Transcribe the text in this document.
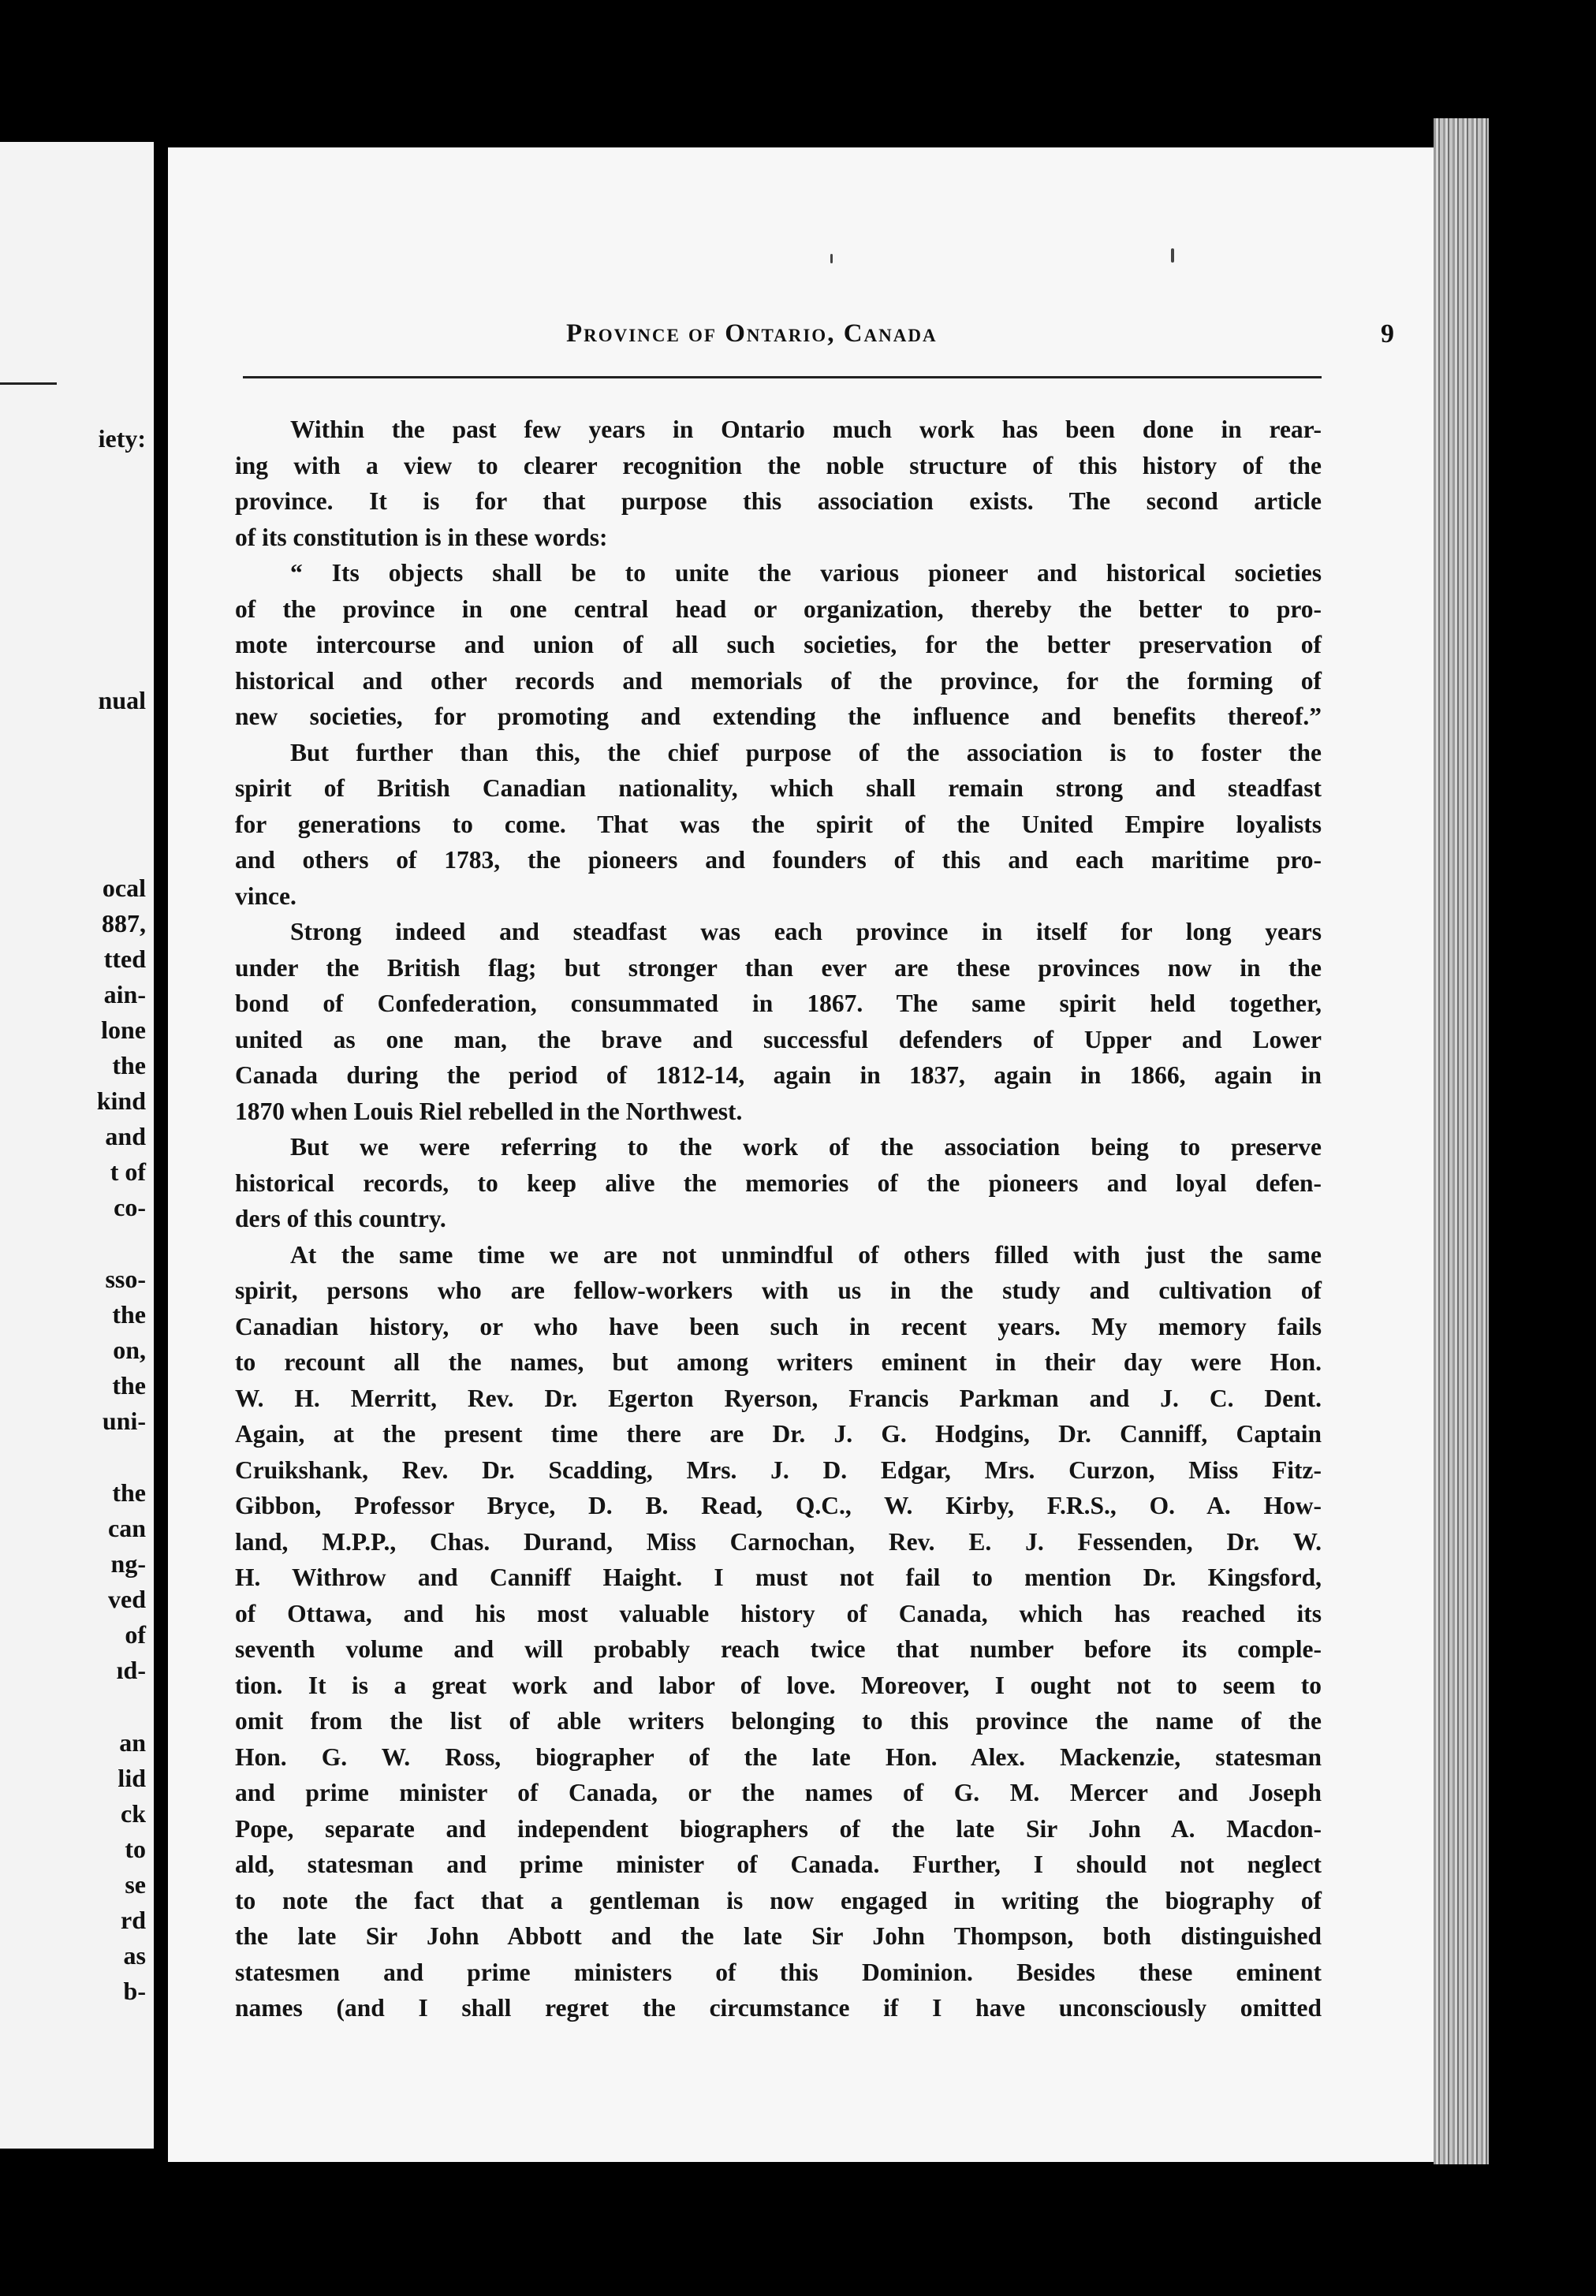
iety:
nual
ocal
887,
tted
ain-
lone
the
kind
and
t of
co-
sso-
the
on,
the
uni-
the
can
ng-
ved
of
ıd-
an
lid
ck
to
se
rd
as
b-
Province of Ontario, Canada	9
Within the past few years in Ontario much work has been done in rear-
ing with a view to clearer recognition the noble structure of this history of the
province. It is for that purpose this association exists. The second article
of its constitution is in these words:
“ Its objects shall be to unite the various pioneer and historical societies
of the province in one central head or organization, thereby the better to pro-
mote intercourse and union of all such societies, for the better preservation of
historical and other records and memorials of the province, for the forming of
new societies, for promoting and extending the influence and benefits thereof.”
But further than this, the chief purpose of the association is to foster the
spirit of British Canadian nationality, which shall remain strong and steadfast
for generations to come. That was the spirit of the United Empire loyalists
and others of 1783, the pioneers and founders of this and each maritime pro-
vince.
Strong indeed and steadfast was each province in itself for long years
under the British flag; but stronger than ever are these provinces now in the
bond of Confederation, consummated in 1867. The same spirit held together,
united as one man, the brave and successful defenders of Upper and Lower
Canada during the period of 1812-14, again in 1837, again in 1866, again in
1870 when Louis Riel rebelled in the Northwest.
But we were referring to the work of the association being to preserve
historical records, to keep alive the memories of the pioneers and loyal defen-
ders of this country.
At the same time we are not unmindful of others filled with just the same
spirit, persons who are fellow-workers with us in the study and cultivation of
Canadian history, or who have been such in recent years. My memory fails
to recount all the names, but among writers eminent in their day were Hon.
W. H. Merritt, Rev. Dr. Egerton Ryerson, Francis Parkman and J. C. Dent.
Again, at the present time there are Dr. J. G. Hodgins, Dr. Canniff, Captain
Cruikshank, Rev. Dr. Scadding, Mrs. J. D. Edgar, Mrs. Curzon, Miss Fitz-
Gibbon, Professor Bryce, D. B. Read, Q.C., W. Kirby, F.R.S., O. A. How-
land, M.P.P., Chas. Durand, Miss Carnochan, Rev. E. J. Fessenden, Dr. W.
H. Withrow and Canniff Haight. I must not fail to mention Dr. Kingsford,
of Ottawa, and his most valuable history of Canada, which has reached its
seventh volume and will probably reach twice that number before its comple-
tion. It is a great work and labor of love. Moreover, I ought not to seem to
omit from the list of able writers belonging to this province the name of the
Hon. G. W. Ross, biographer of the late Hon. Alex. Mackenzie, statesman
and prime minister of Canada, or the names of G. M. Mercer and Joseph
Pope, separate and independent biographers of the late Sir John A. Macdon-
ald, statesman and prime minister of Canada. Further, I should not neglect
to note the fact that a gentleman is now engaged in writing the biography of
the late Sir John Abbott and the late Sir John Thompson, both distinguished
statesmen and prime ministers of this Dominion. Besides these eminent
names (and I shall regret the circumstance if I have unconsciously omitted
